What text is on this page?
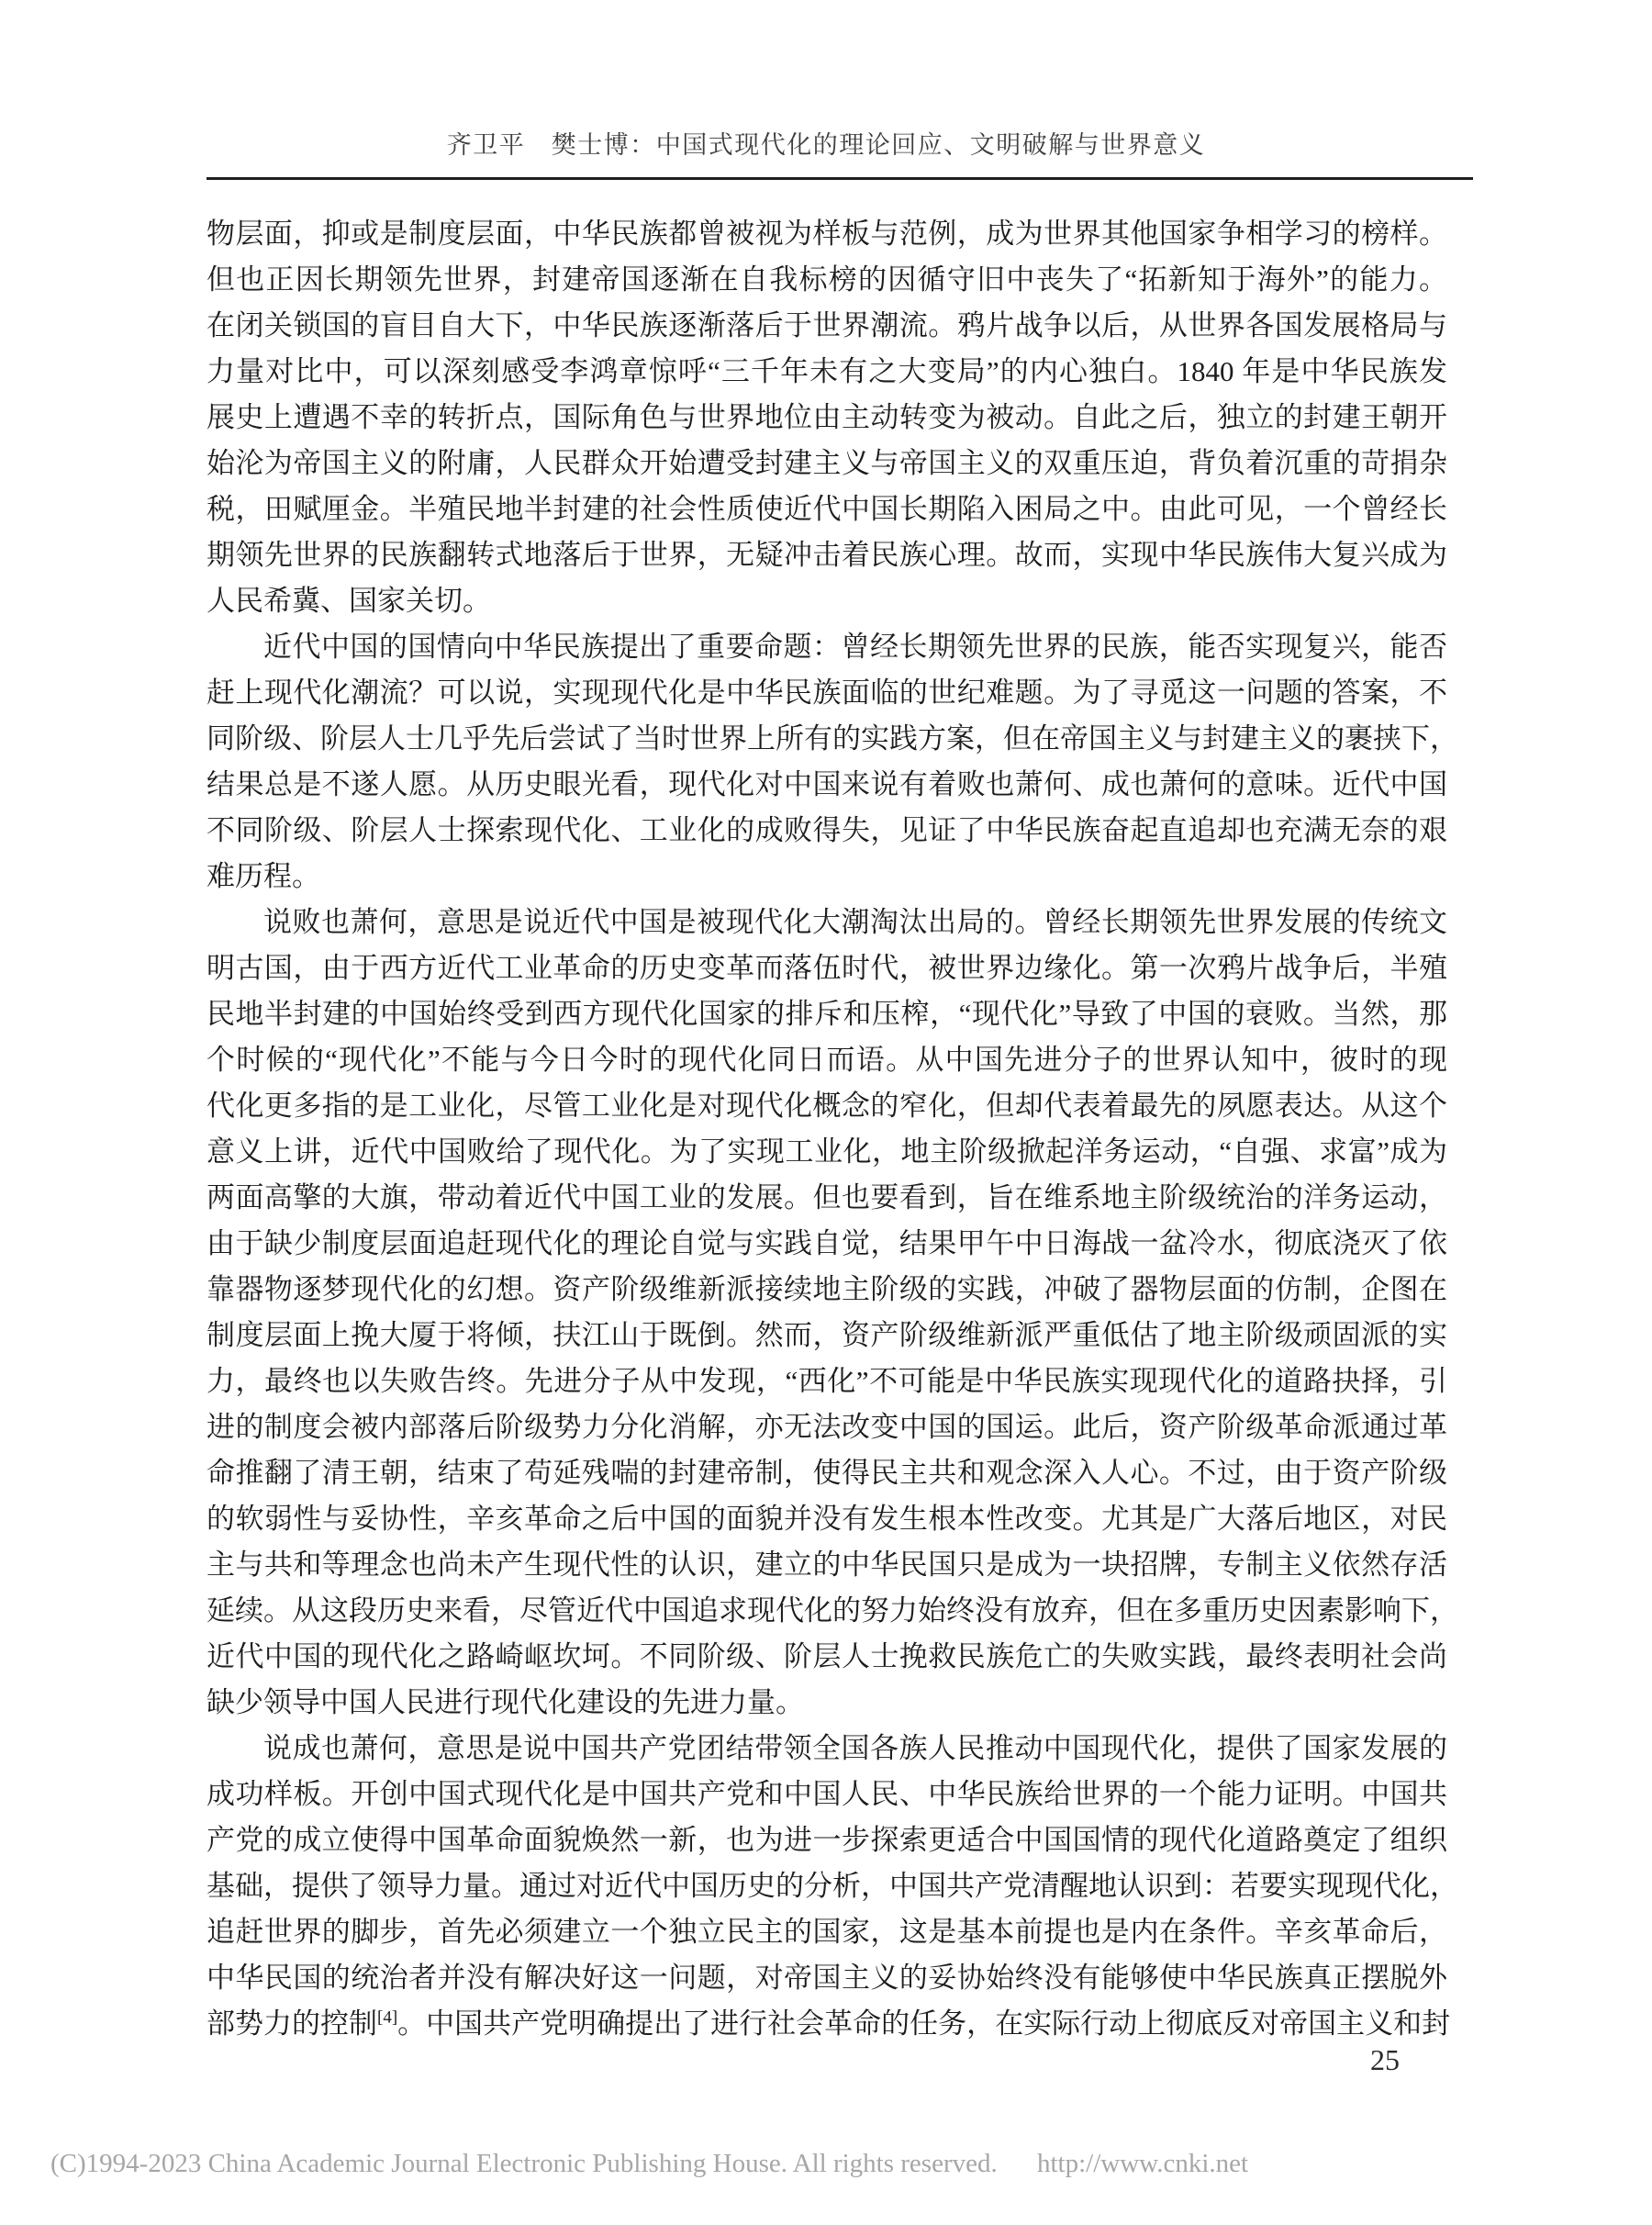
齐卫平　樊士博：中国式现代化的理论回应、文明破解与世界意义
物层面，抑或是制度层面，中华民族都曾被视为样板与范例，成为世界其他国家争相学习的榜样。
但也正因长期领先世界，封建帝国逐渐在自我标榜的因循守旧中丧失了“拓新知于海外”的能力。
在闭关锁国的盲目自大下，中华民族逐渐落后于世界潮流。鸦片战争以后，从世界各国发展格局与
力量对比中，可以深刻感受李鸿章惊呼“三千年未有之大变局”的内心独白。1840 年是中华民族发
展史上遭遇不幸的转折点，国际角色与世界地位由主动转变为被动。自此之后，独立的封建王朝开
始沦为帝国主义的附庸，人民群众开始遭受封建主义与帝国主义的双重压迫，背负着沉重的苛捐杂
税，田赋厘金。半殖民地半封建的社会性质使近代中国长期陷入困局之中。由此可见，一个曾经长
期领先世界的民族翻转式地落后于世界，无疑冲击着民族心理。故而，实现中华民族伟大复兴成为
人民希冀、国家关切。
近代中国的国情向中华民族提出了重要命题：曾经长期领先世界的民族，能否实现复兴，能否
赶上现代化潮流？可以说，实现现代化是中华民族面临的世纪难题。为了寻觅这一问题的答案，不
同阶级、阶层人士几乎先后尝试了当时世界上所有的实践方案，但在帝国主义与封建主义的裹挟下，
结果总是不遂人愿。从历史眼光看，现代化对中国来说有着败也萧何、成也萧何的意味。近代中国
不同阶级、阶层人士探索现代化、工业化的成败得失，见证了中华民族奋起直追却也充满无奈的艰
难历程。
说败也萧何，意思是说近代中国是被现代化大潮淘汰出局的。曾经长期领先世界发展的传统文
明古国，由于西方近代工业革命的历史变革而落伍时代，被世界边缘化。第一次鸦片战争后，半殖
民地半封建的中国始终受到西方现代化国家的排斥和压榨，“现代化”导致了中国的衰败。当然，那
个时候的“现代化”不能与今日今时的现代化同日而语。从中国先进分子的世界认知中，彼时的现
代化更多指的是工业化，尽管工业化是对现代化概念的窄化，但却代表着最先的夙愿表达。从这个
意义上讲，近代中国败给了现代化。为了实现工业化，地主阶级掀起洋务运动，“自强、求富”成为
两面高擎的大旗，带动着近代中国工业的发展。但也要看到，旨在维系地主阶级统治的洋务运动，
由于缺少制度层面追赶现代化的理论自觉与实践自觉，结果甲午中日海战一盆冷水，彻底浇灭了依
靠器物逐梦现代化的幻想。资产阶级维新派接续地主阶级的实践，冲破了器物层面的仿制，企图在
制度层面上挽大厦于将倾，扶江山于既倒。然而，资产阶级维新派严重低估了地主阶级顽固派的实
力，最终也以失败告终。先进分子从中发现，“西化”不可能是中华民族实现现代化的道路抉择，引
进的制度会被内部落后阶级势力分化消解，亦无法改变中国的国运。此后，资产阶级革命派通过革
命推翻了清王朝，结束了苟延残喘的封建帝制，使得民主共和观念深入人心。不过，由于资产阶级
的软弱性与妥协性，辛亥革命之后中国的面貌并没有发生根本性改变。尤其是广大落后地区，对民
主与共和等理念也尚未产生现代性的认识，建立的中华民国只是成为一块招牌，专制主义依然存活
延续。从这段历史来看，尽管近代中国追求现代化的努力始终没有放弃，但在多重历史因素影响下，
近代中国的现代化之路崎岖坎坷。不同阶级、阶层人士挽救民族危亡的失败实践，最终表明社会尚
缺少领导中国人民进行现代化建设的先进力量。
说成也萧何，意思是说中国共产党团结带领全国各族人民推动中国现代化，提供了国家发展的
成功样板。开创中国式现代化是中国共产党和中国人民、中华民族给世界的一个能力证明。中国共
产党的成立使得中国革命面貌焕然一新，也为进一步探索更适合中国国情的现代化道路奠定了组织
基础，提供了领导力量。通过对近代中国历史的分析，中国共产党清醒地认识到：若要实现现代化，
追赶世界的脚步，首先必须建立一个独立民主的国家，这是基本前提也是内在条件。辛亥革命后，
中华民国的统治者并没有解决好这一问题，对帝国主义的妥协始终没有能够使中华民族真正摆脱外
部势力的控制[4]。中国共产党明确提出了进行社会革命的任务，在实际行动上彻底反对帝国主义和封
25
(C)1994-2023 China Academic Journal Electronic Publishing House. All rights reserved. http://www.cnki.net
